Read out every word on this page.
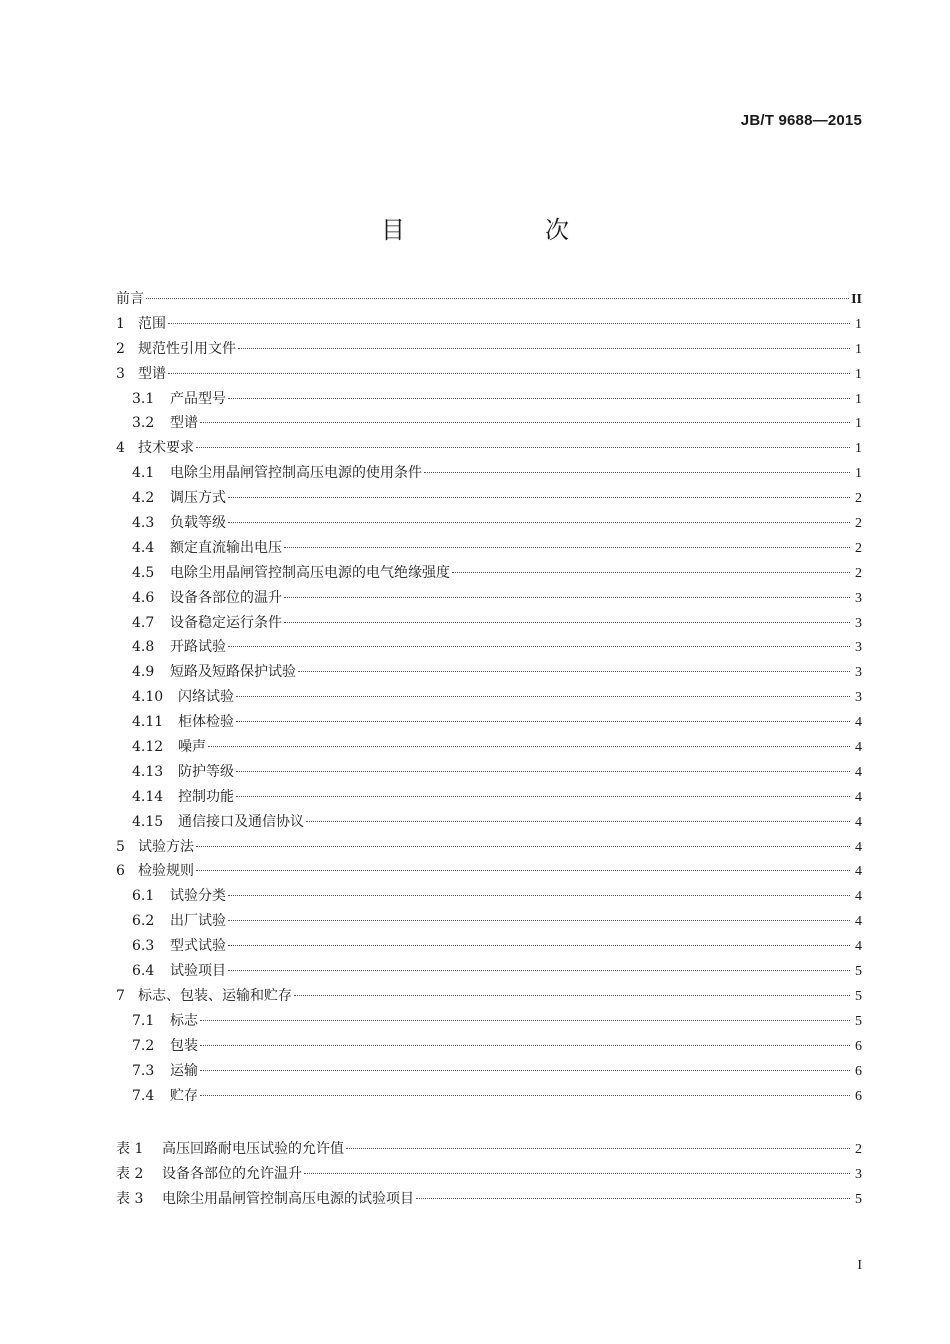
JB/T 9688—2015
目　次
前言	II
1 范围	1
2 规范性引用文件	1
3 型谱	1
3.1	产品型号	1
3.2	型谱	1
4 技术要求	1
4.1	电除尘用晶闸管控制高压电源的使用条件	1
4.2	调压方式	2
4.3	负载等级	2
4.4	额定直流输出电压	2
4.5	电除尘用晶闸管控制高压电源的电气绝缘强度	2
4.6	设备各部位的温升	3
4.7	设备稳定运行条件	3
4.8	开路试验	3
4.9	短路及短路保护试验	3
4.10	闪络试验	3
4.11	柜体检验	4
4.12	噪声	4
4.13	防护等级	4
4.14	控制功能	4
4.15	通信接口及通信协议	4
5 试验方法	4
6 检验规则	4
6.1	试验分类	4
6.2	出厂试验	4
6.3	型式试验	4
6.4	试验项目	5
7 标志、包装、运输和贮存	5
7.1	标志	5
7.2	包装	6
7.3	运输	6
7.4	贮存	6
表 1	高压回路耐电压试验的允许值	2
表 2	设备各部位的允许温升	3
表 3	电除尘用晶闸管控制高压电源的试验项目	5
I
